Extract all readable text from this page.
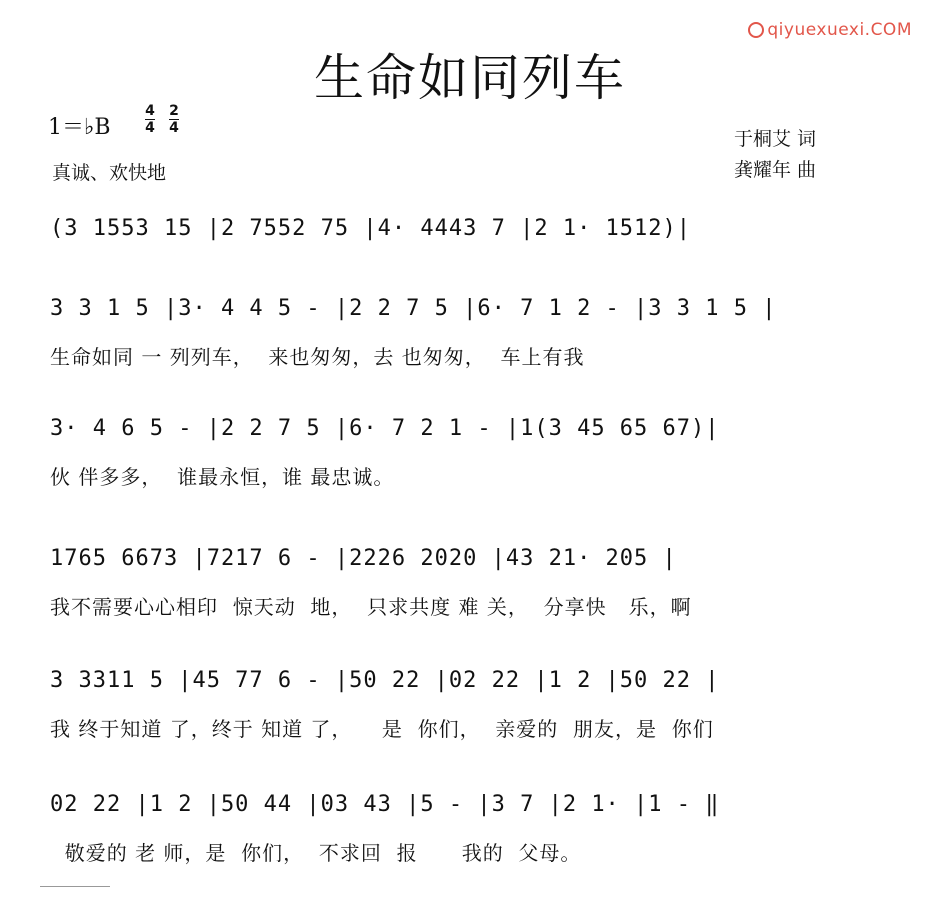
qiyuexuexi.COM
生命如同列车
1＝♭B $\frac{4}{4} \frac{2}{4}$
真诚、欢快地
于桐艾 词
龚耀年 曲
(3 1553 15 |2 7552 75 |4· 4443 7 |2 1· 1512)|
3 3 1 5 |3· 4 4 5 - |2 2 7 5 |6· 7 1 2 - |3 3 1 5 |
生命如同 一 列列车，  来也匆匆，去 也匆匆，  车上有我
3· 4 6 5 - |2 2 7 5 |6· 7 2 1 - |1(3 45 65 67)|
伙 伴多多，  谁最永恒，谁 最忠诚。
1765 6673 |7217 6 - |2226 2020 |43 21· 205 |
我不需要心心相印  惊天动  地，  只求共度 难 关，  分享快   乐，啊
3 3311 5 |45 77 6 - |50 22 |02 22 |1 2 |50 22 |
我 终于知道 了，终于 知道 了，    是  你们，  亲爱的  朋友，是  你们
02 22 |1 2 |50 44 |03 43 |5 - |3 7 |2 1· |1 - ‖
敬爱的 老 师，是  你们，  不求回  报      我的  父母。
